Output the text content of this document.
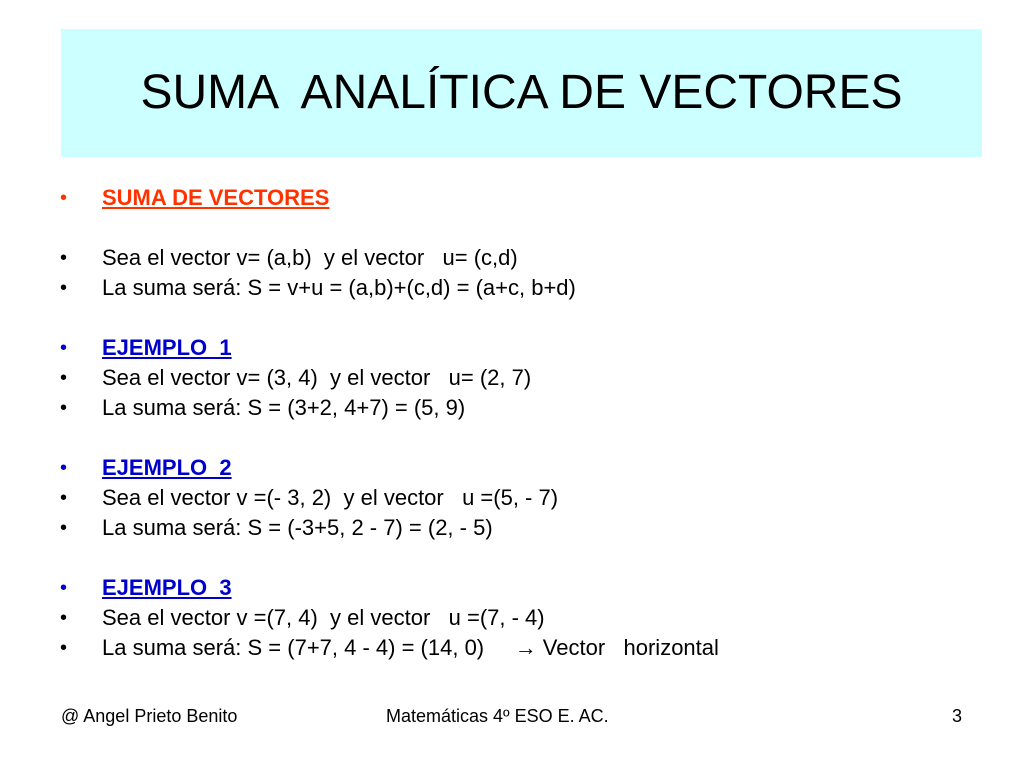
SUMA  ANALÍTICA DE VECTORES

•

	SUMA DE VECTORES

•

	Sea el vector v= (a,b)  y el vector   u= (c,d)

•

	La suma será: S = v+u = (a,b)+(c,d) = (a+c, b+d)

•

	EJEMPLO  1

•

	Sea el vector v= (3, 4)  y el vector   u= (2, 7)

•

	La suma será: S = (3+2, 4+7) = (5, 9)

•

	EJEMPLO  2

•

	Sea el vector v =(- 3, 2)  y el vector   u =(5, - 7)

•

	La suma será: S = (-3+5, 2 - 7) = (2, - 5)

•

	EJEMPLO  3

•

	Sea el vector v =(7, 4)  y el vector   u =(7, - 4)

•

	La suma será: S = (7+7, 4 - 4) = (14, 0)     → Vector   horizontal

@ Angel Prieto Benito	Matemáticas 4º ESO E. AC.	3
